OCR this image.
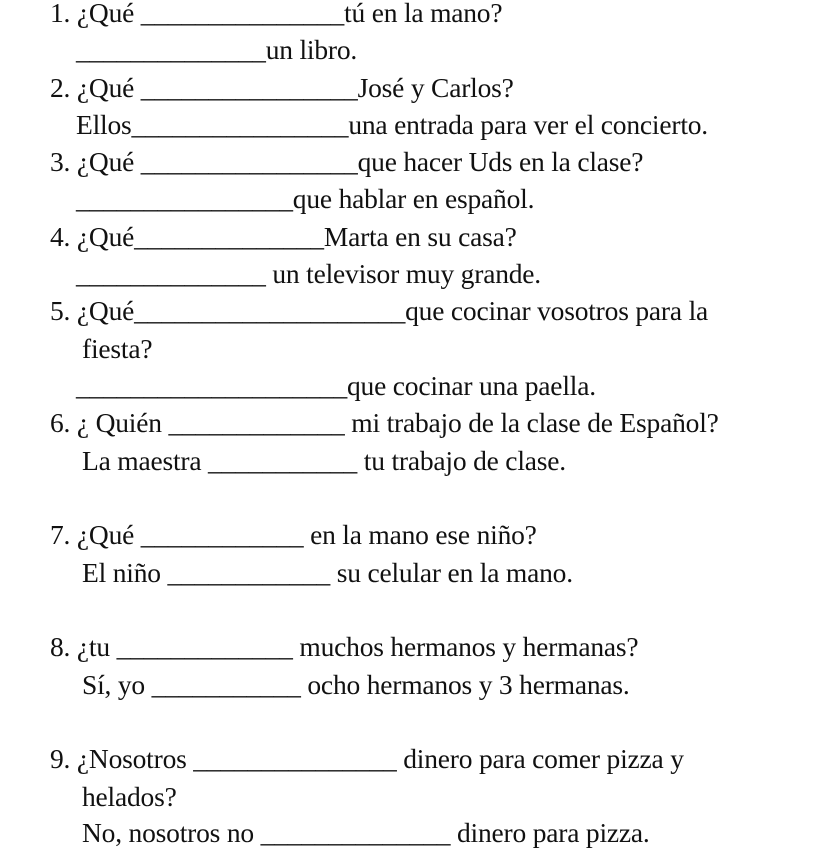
1. ¿Qué _______________tú en la mano?
______________un libro.
2. ¿Qué ________________José y Carlos?
Ellos________________una entrada para ver el concierto.
3. ¿Qué ________________que hacer Uds en la clase?
________________que hablar en español.
4. ¿Qué______________Marta en su casa?
______________ un televisor muy grande.
5. ¿Qué____________________que cocinar vosotros para la
fiesta?
____________________que cocinar una paella.
6. ¿ Quién _____________ mi trabajo de la clase de Español?
La maestra ___________ tu trabajo de clase.
7. ¿Qué ____________ en la mano ese niño?
El niño ____________ su celular en la mano.
8. ¿tu _____________ muchos hermanos y hermanas?
Sí, yo ___________ ocho hermanos y 3 hermanas.
9. ¿Nosotros _______________ dinero para comer pizza y
helados?
No, nosotros no ______________ dinero para pizza.
